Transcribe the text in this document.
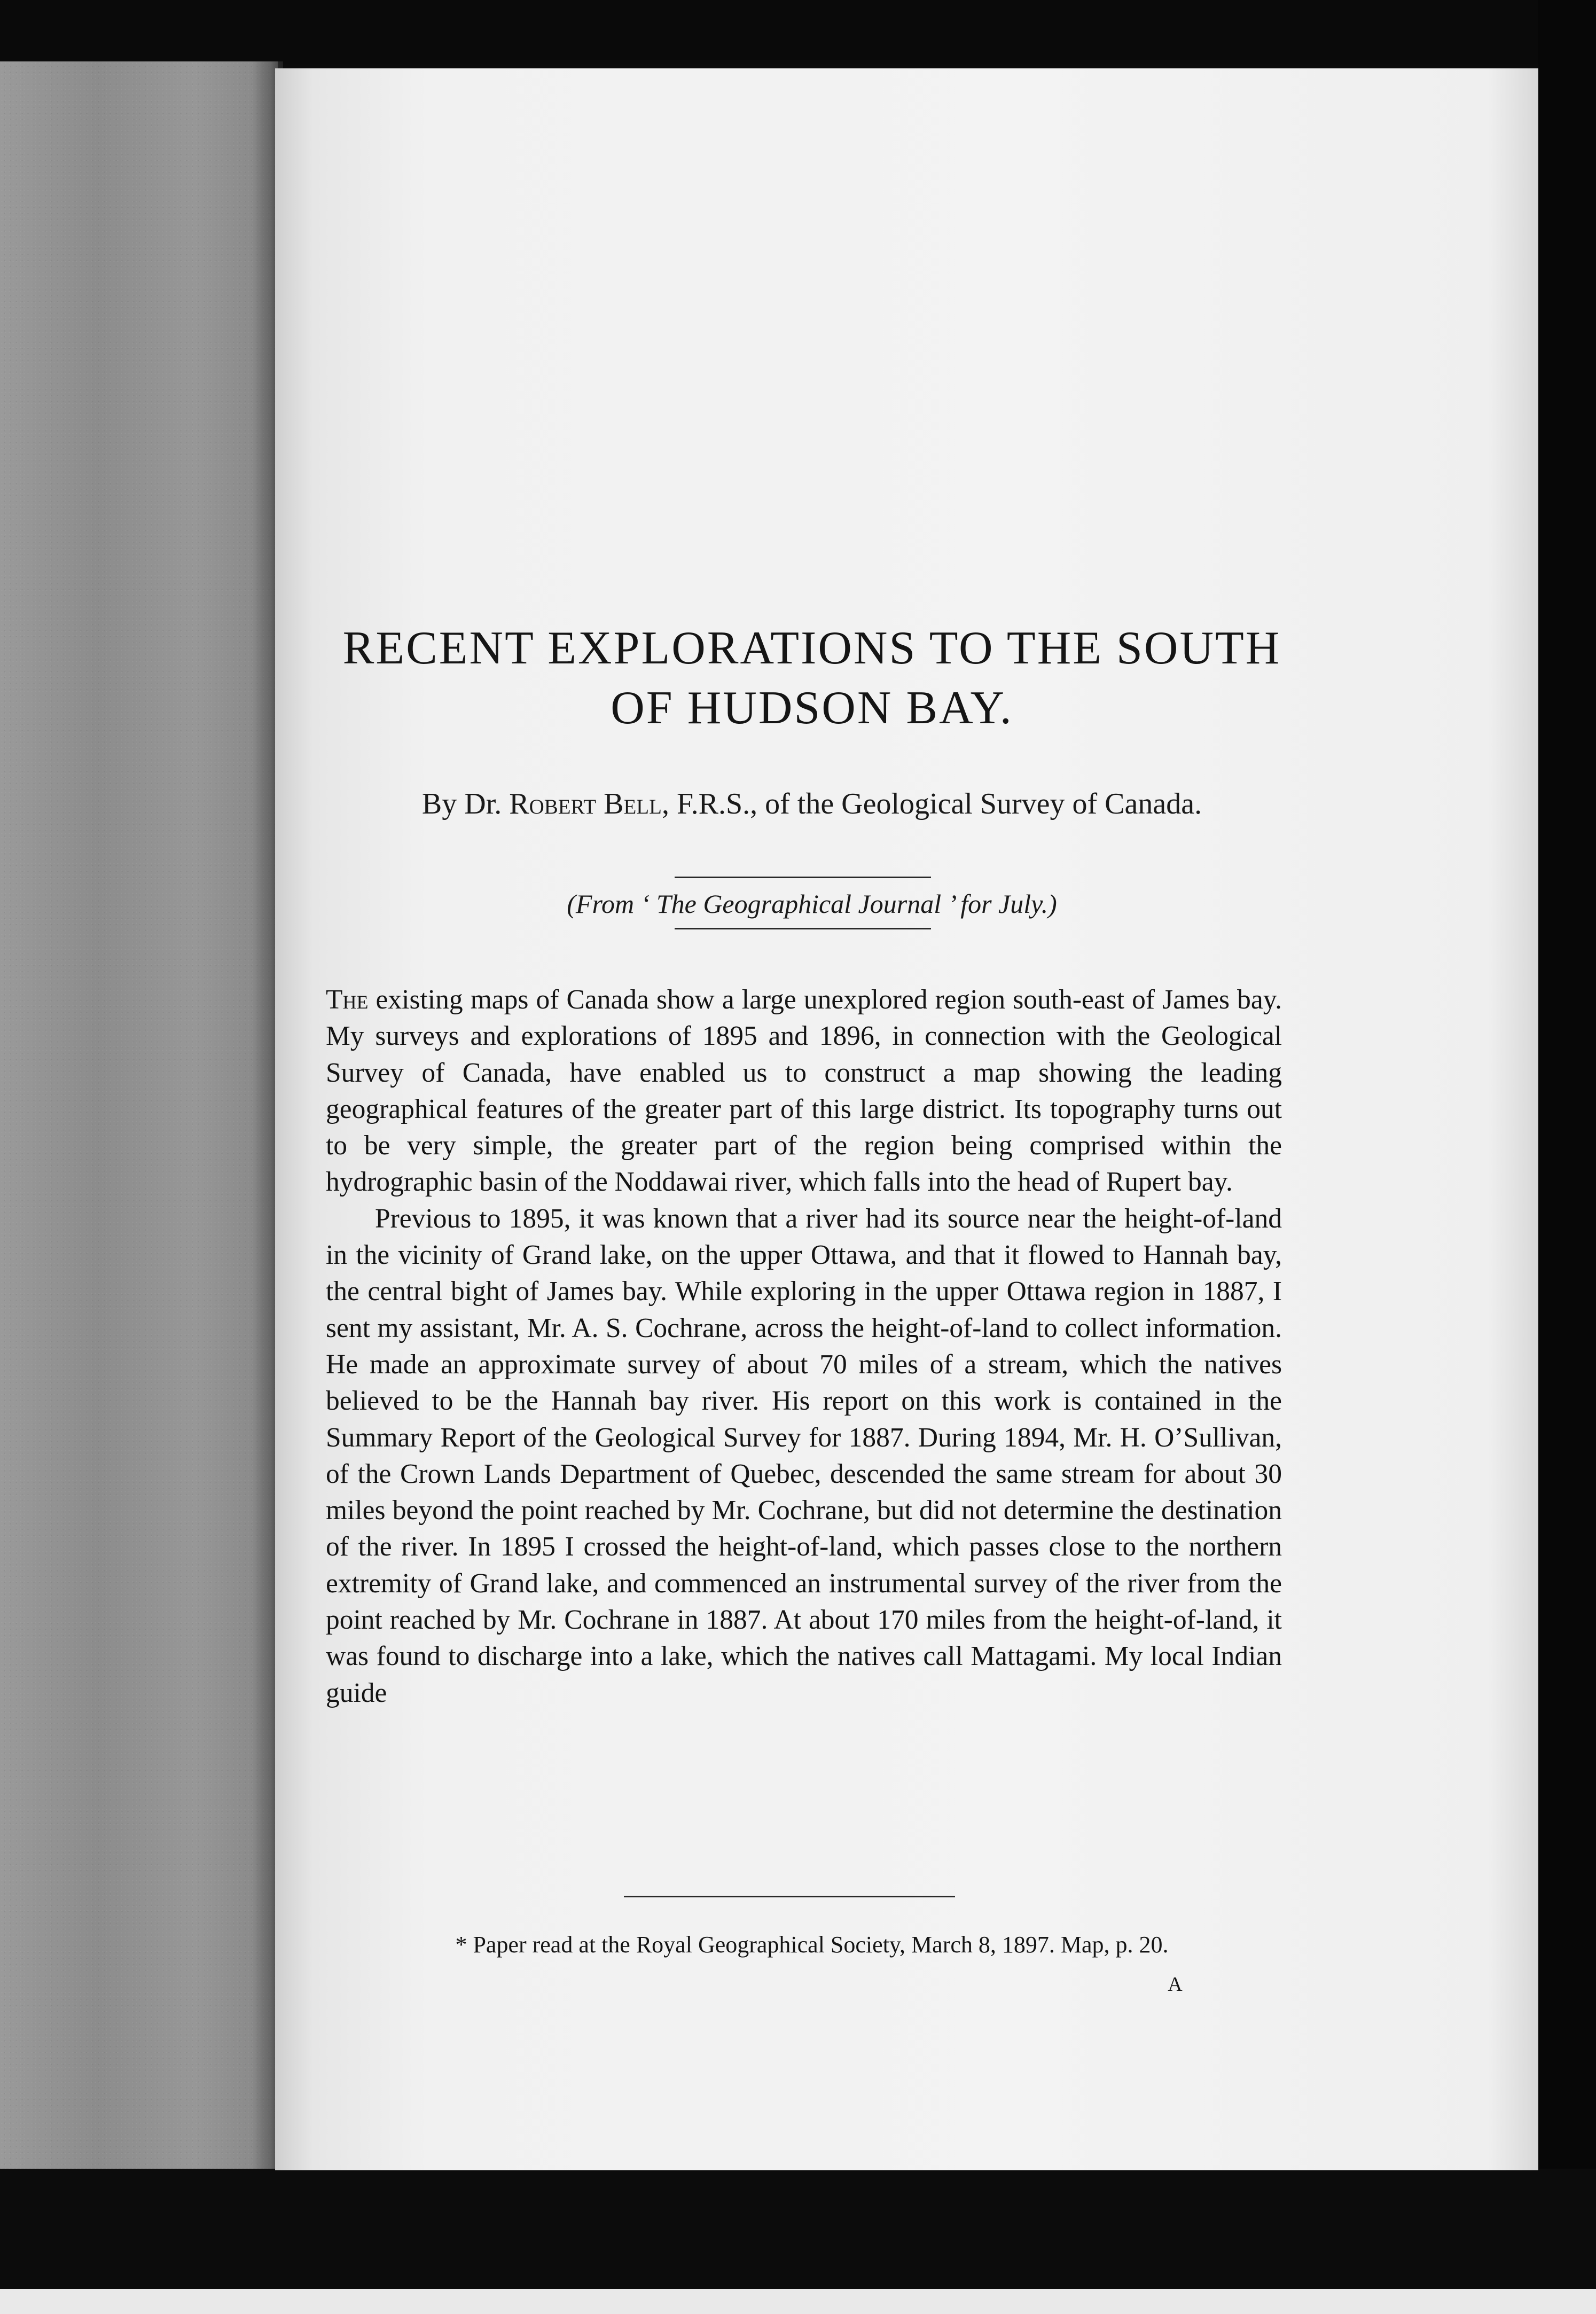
RECENT EXPLORATIONS TO THE SOUTH
OF HUDSON BAY.

By Dr. Robert Bell, F.R.S., of the Geological Survey of Canada.

(From ‘ The Geographical Journal ’ for July.)

The existing maps of Canada show a large unexplored region south-east of James bay. My surveys and explorations of 1895 and 1896, in connection with the Geological Survey of Canada, have enabled us to construct a map showing the leading geographical features of the greater part of this large district. Its topography turns out to be very simple, the greater part of the region being comprised within the hydrographic basin of the Noddawai river, which falls into the head of Rupert bay.

Previous to 1895, it was known that a river had its source near the height-of-land in the vicinity of Grand lake, on the upper Ottawa, and that it flowed to Hannah bay, the central bight of James bay. While exploring in the upper Ottawa region in 1887, I sent my assistant, Mr. A. S. Cochrane, across the height-of-land to collect information. He made an approximate survey of about 70 miles of a stream, which the natives believed to be the Hannah bay river. His report on this work is contained in the Summary Report of the Geological Survey for 1887. During 1894, Mr. H. O’Sullivan, of the Crown Lands Department of Quebec, descended the same stream for about 30 miles beyond the point reached by Mr. Cochrane, but did not determine the destination of the river. In 1895 I crossed the height-of-land, which passes close to the northern extremity of Grand lake, and commenced an instrumental survey of the river from the point reached by Mr. Cochrane in 1887. At about 170 miles from the height-of-land, it was found to discharge into a lake, which the natives call Mattagami. My local Indian guide

* Paper read at the Royal Geographical Society, March 8, 1897. Map, p. 20.

A
